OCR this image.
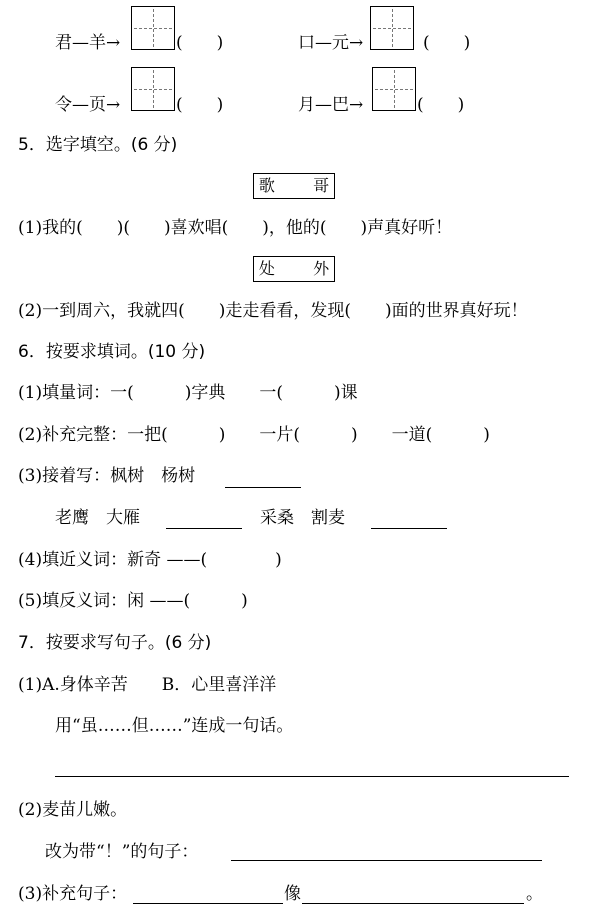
君—羊→	(　　)	口—元→	(　　)
令—页→	(　　)	月—巴→	(　　)
5．选字填空。(6 分)
歌 哥
(1)我的(　　)(　　)喜欢唱(　　)，他的(　　)声真好听！
处 外
(2)一到周六，我就四(　　)走走看看，发现(　　)面的世界真好玩！
6．按要求填词。(10 分)
(1)填量词：一(　　　)字典　　一(　　　)课
(2)补充完整：一把(　　　)　　一片(　　　)　　一道(　　　)
(3)接着写：枫树　杨树
老鹰　大雁	采桑　割麦
(4)填近义词：新奇 ——(　　　　)
(5)填反义词：闲 ——(　　　)
7．按要求写句子。(6 分)
(1)A.身体辛苦　　B．心里喜洋洋
用“虽……但……”连成一句话。
(2)麦苗儿嫩。
改为带“！”的句子：
(3)补充句子：	像	。
